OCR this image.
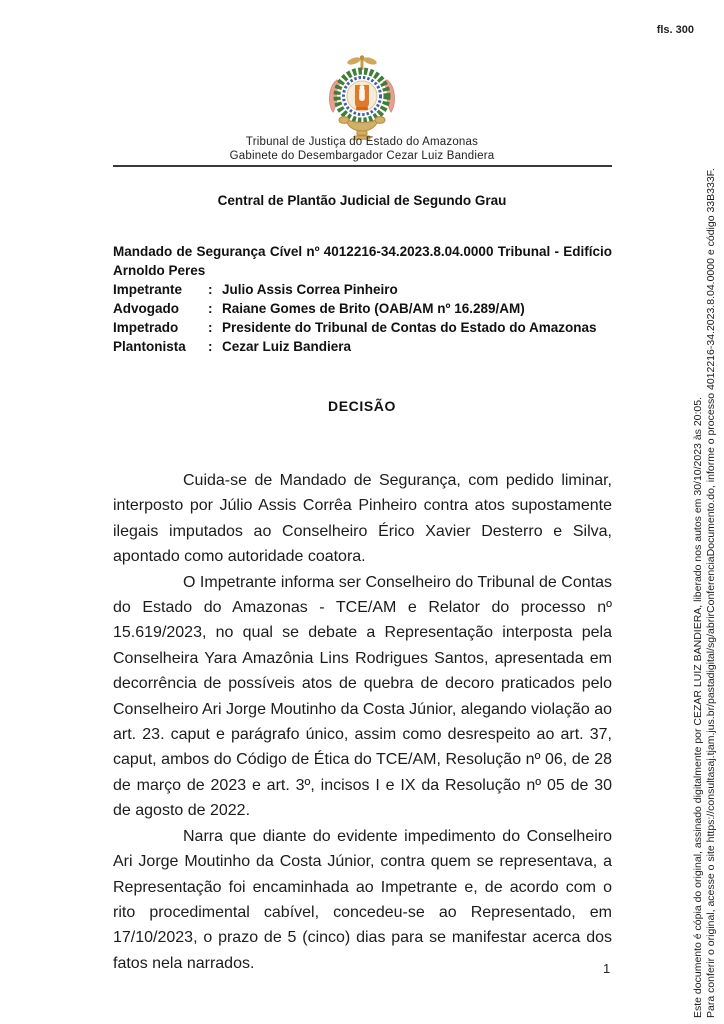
fls. 300
Tribunal de Justiça do Estado do Amazonas
Gabinete do Desembargador Cezar Luiz Bandiera
Central de Plantão Judicial de Segundo Grau

Mandado de Segurança Cível nº 4012216-34.2023.8.04.0000 Tribunal - Edifício Arnoldo Peres

Impetrante	: Julio Assis Correa Pinheiro
Advogado	: Raiane Gomes de Brito (OAB/AM nº 16.289/AM)
Impetrado	: Presidente do Tribunal de Contas do Estado do Amazonas
Plantonista	: Cezar Luiz Bandiera
DECISÃO

Cuida-se de Mandado de Segurança, com pedido liminar, interposto por Júlio Assis Corrêa Pinheiro contra atos supostamente ilegais imputados ao Conselheiro Érico Xavier Desterro e Silva, apontado como autoridade coatora.

O Impetrante informa ser Conselheiro do Tribunal de Contas do Estado do Amazonas - TCE/AM e Relator do processo nº 15.619/2023, no qual se debate a Representação interposta pela Conselheira Yara Amazônia Lins Rodrigues Santos, apresentada em decorrência de possíveis atos de quebra de decoro praticados pelo Conselheiro Ari Jorge Moutinho da Costa Júnior, alegando violação ao art. 23. caput e parágrafo único, assim como desrespeito ao art. 37, caput, ambos do Código de Ética do TCE/AM, Resolução nº 06, de 28 de março de 2023 e art. 3º, incisos I e IX da Resolução nº 05 de 30 de agosto de 2022.

Narra que diante do evidente impedimento do Conselheiro Ari Jorge Moutinho da Costa Júnior, contra quem se representava, a Representação foi encaminhada ao Impetrante e, de acordo com o rito procedimental cabível, concedeu-se ao Representado, em 17/10/2023, o prazo de 5 (cinco) dias para se manifestar acerca dos fatos nela narrados.	1	Este documento é cópia do original, assinado digitalmente por CEZAR LUIZ BANDIERA, liberado nos autos em 30/10/2023 às 20:05. Para conferir o original, acesse o site https://consultasaj.tjam.jus.br/pastadigital/sg/abrirConferenciaDocumento.do, informe o processo 4012216-34.2023.8.04.0000 e código 33B333F.
